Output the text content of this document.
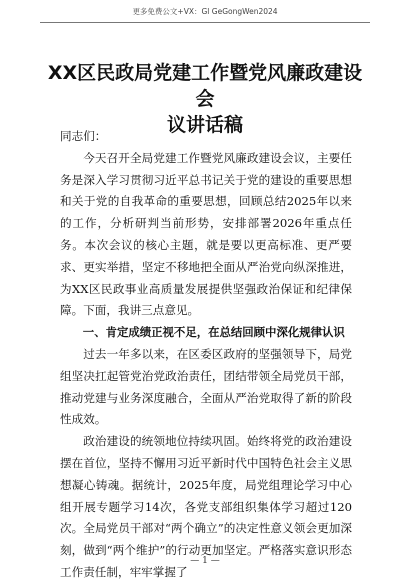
更多免费公文+VX：Gl GeGongWen2024
XX区民政局党建工作暨党风廉政建设会
议讲话稿

同志们：

今天召开全局党建工作暨党风廉政建设会议，主要任务是深入学习贯彻习近平总书记关于党的建设的重要思想和关于党的自我革命的重要思想，回顾总结2025年以来的工作，分析研判当前形势，安排部署2026年重点任务。本次会议的核心主题，就是要以更高标准、更严要求、更实举措，坚定不移地把全面从严治党向纵深推进，为XX区民政事业高质量发展提供坚强政治保证和纪律保障。下面，我讲三点意见。

一、肯定成绩正视不足，在总结回顾中深化规律认识

过去一年多以来，在区委区政府的坚强领导下，局党组坚决扛起管党治党政治责任，团结带领全局党员干部，推动党建与业务深度融合，全面从严治党取得了新的阶段性成效。

政治建设的统领地位持续巩固。始终将党的政治建设摆在首位，坚持不懈用习近平新时代中国特色社会主义思想凝心铸魂。据统计，2025年度，局党组理论学习中心组开展专题学习14次，各党支部组织集体学习超过120次。全局党员干部对“两个确立”的决定性意义领会更加深刻，做到“两个维护”的行动更加坚定。严格落实意识形态工作责任制，牢牢掌握了

— 1 —
